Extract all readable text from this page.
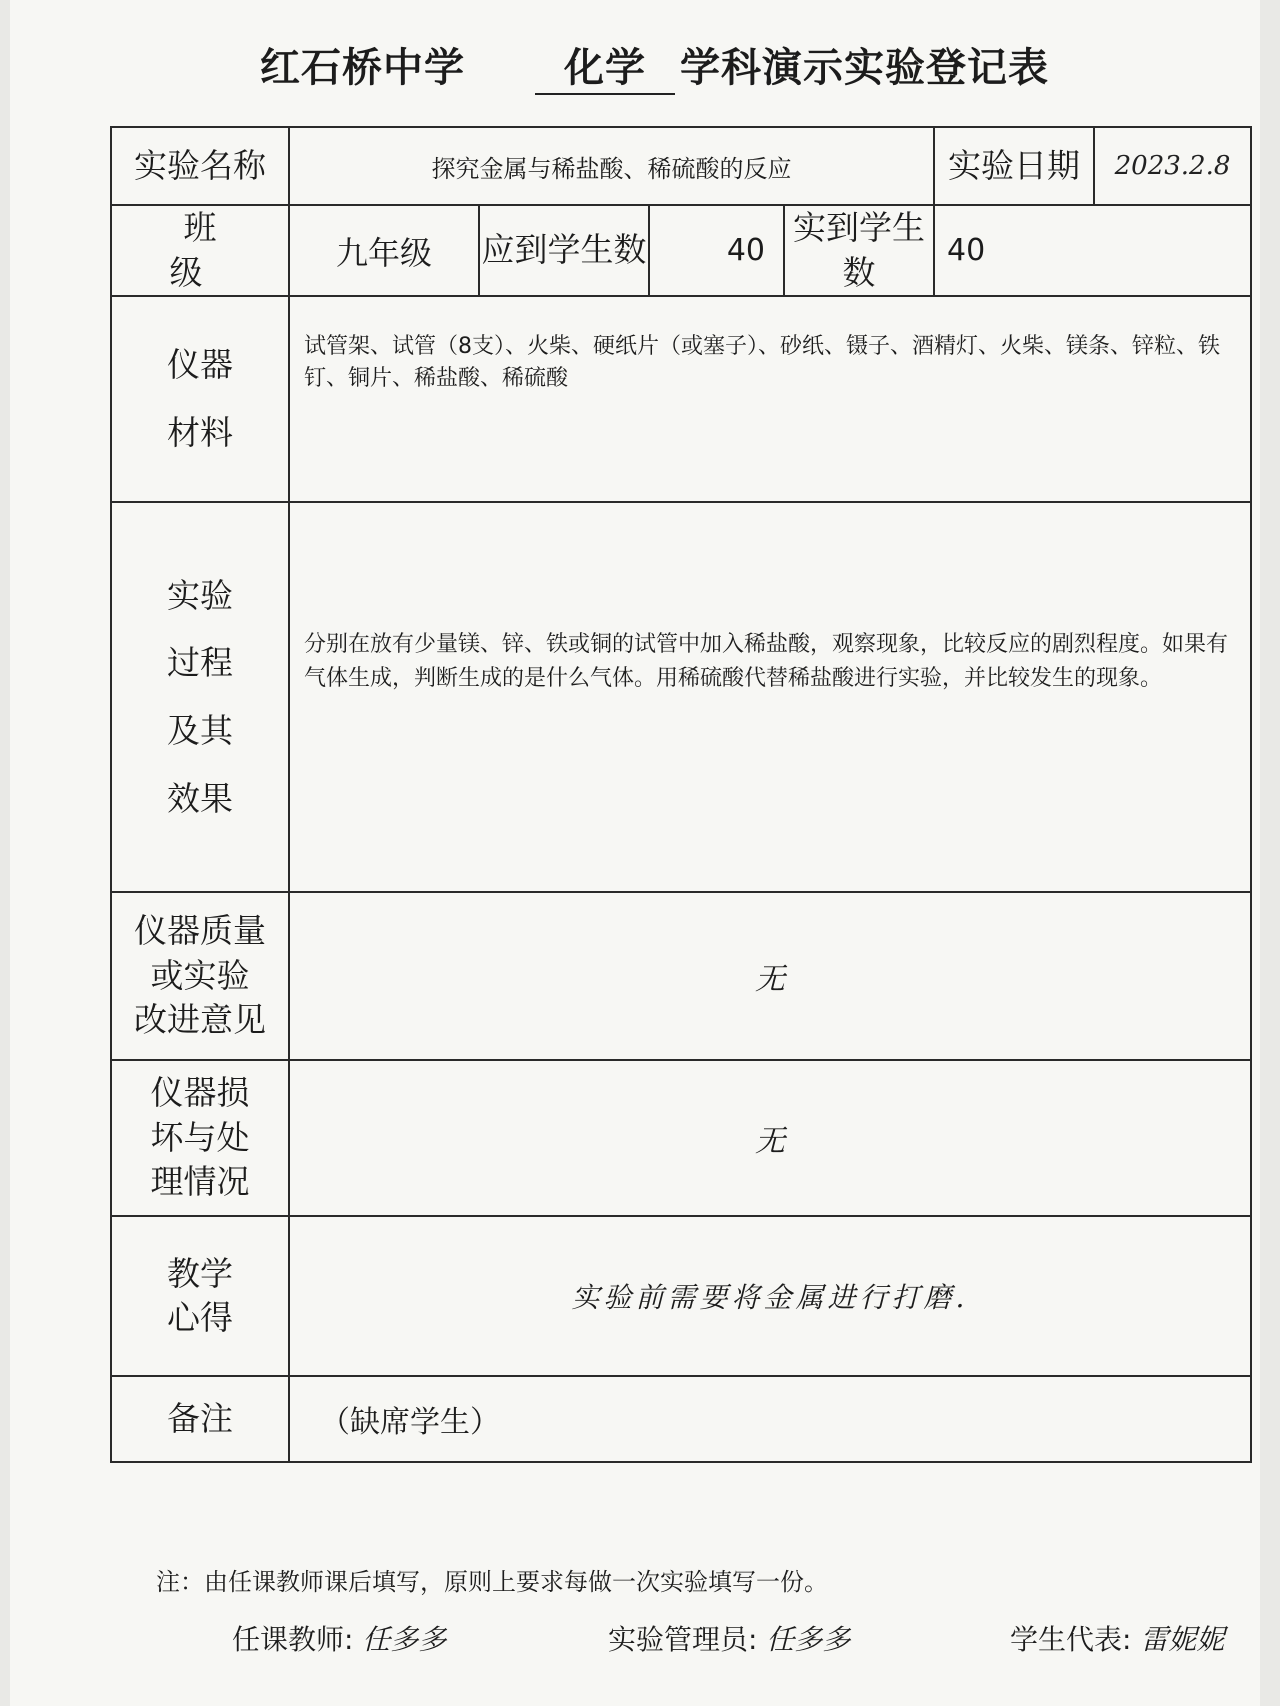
红石桥中学	化学 学科演示实验登记表
实验名称	探究金属与稀盐酸、稀硫酸的反应				实验日期	2023.2.8
班 级	九年级	应到学生数	40	实到学生数	40	

仪器
材料	试管架、试管（8支）、火柴、硬纸片（或塞子）、砂纸、镊子、酒精灯、火柴、镁条、锌粒、铁钉、铜片、稀盐酸、稀硫酸					

实验
过程
及其
效果	分别在放有少量镁、锌、铁或铜的试管中加入稀盐酸，观察现象，比较反应的剧烈程度。如果有气体生成，判断生成的是什么气体。用稀硫酸代替稀盐酸进行实验，并比较发生的现象。					

仪器质量
或实验
改进意见	无					

仪器损
坏与处
理情况	无					

教学
心得	实验前需要将金属进行打磨.					
备注	（缺席学生）					
注：由任课教师课后填写，原则上要求每做一次实验填写一份。
任课教师: 任多多	实验管理员: 任多多	学生代表: 雷妮妮
